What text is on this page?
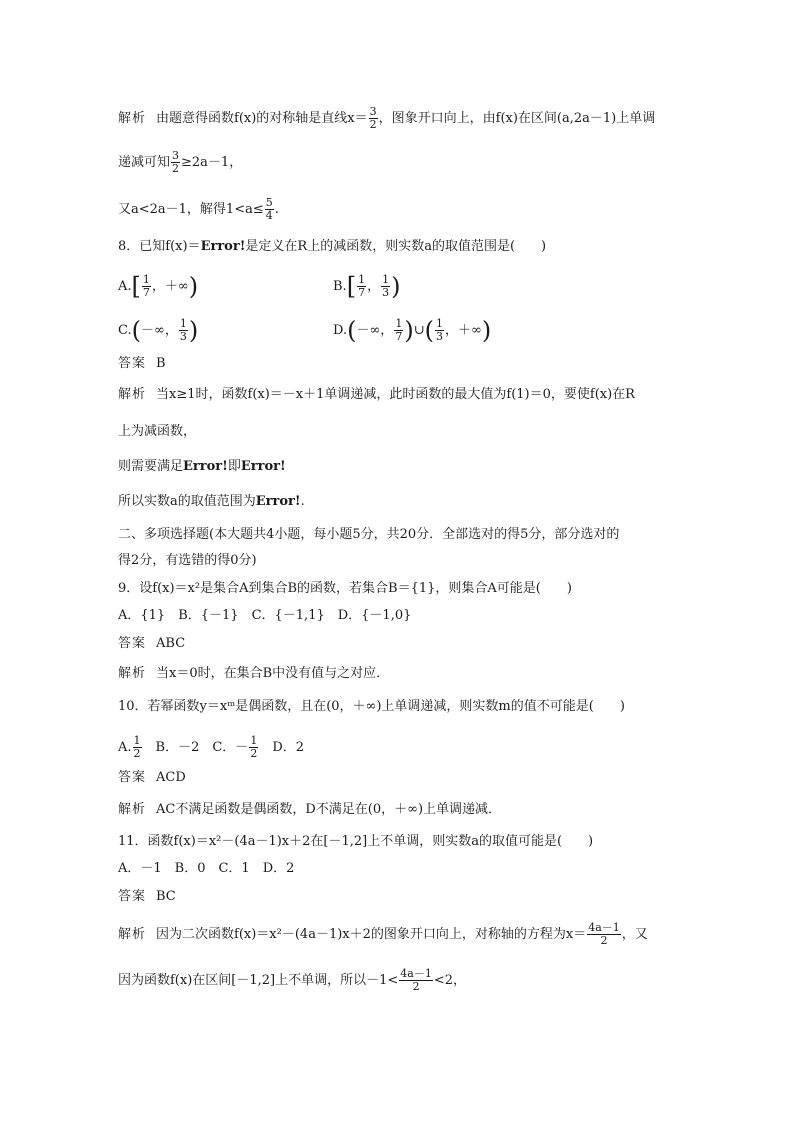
解析 由题意得函数f(x)的对称轴是直线$x= \frac{3}{2}$ ，图象开口向上，由f(x)在区间(a,2a－1)上单调
递减可知 $\frac{3}{2} \ge 2a-1$，
又a<2a－1，解得$1<a\le \frac{5}{4}$ .
8．已知f(x)＝Error!是定义在R上的减函数，则实数a的取值范围是(　　)
$A.[ \frac{1}{7}$ ，＋∞)	$B.[ \frac{1}{7}$ ， $\frac{1}{3}$ )
C.(－∞， $\frac{1}{3}$ )	D.(－∞， $\frac{1}{7}$ )∪( $\frac{1}{3}$ ，＋∞)
答案 B
解析 当x≥1时，函数f(x)＝－x＋1单调递减，此时函数的最大值为f(1)＝0，要使f(x)在R
上为减函数，
则需要满足Error!即Error!
所以实数a的取值范围为Error!.
二、多项选择题(本大题共4小题，每小题5分，共20分．全部选对的得5分，部分选对的
得2分，有选错的得0分)
9．设f(x)＝x²是集合A到集合B的函数，若集合B＝{1}，则集合A可能是(　　)
A．{1}　B．{－1}　C．{－1,1}　D．{－1,0}
答案 ABC
解析 当x＝0时，在集合B中没有值与之对应．
10．若幂函数y＝xᵐ是偶函数，且在(0，＋∞)上单调递减，则实数m的值不可能是(　　)
A. $\frac{1}{2}$ 　B．－2　C．－ $\frac{1}{2}$ 　D．2
答案 ACD
解析 AC不满足函数是偶函数，D不满足在(0，＋∞)上单调递减．
11．函数f(x)＝x²－(4a－1)x＋2在[－1,2]上不单调，则实数a的取值可能是(　　)
A．－1　B．0　C．1　D．2
答案 BC
解析 因为二次函数f(x)＝x²－(4a－1)x＋2的图象开口向上，对称轴的方程为$x= \frac{4a-1}{2}$ ，又
因为函数f(x)在区间[－1,2]上不单调，所以$-1< \frac{4a-1}{2} <2$，
